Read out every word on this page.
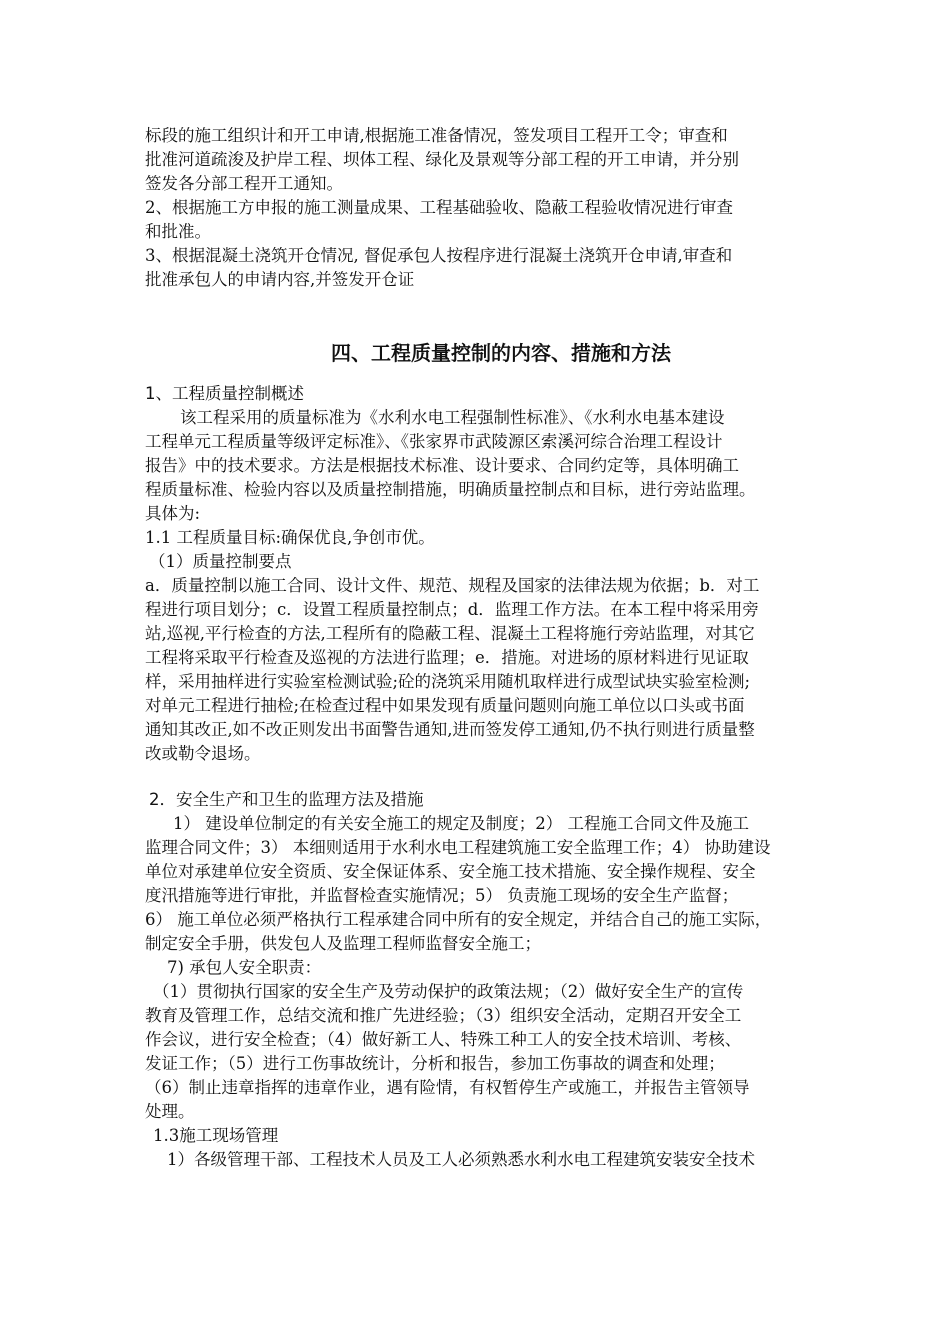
标段的施工组织计和开工申请,根据施工准备情况，签发项目工程开工令；审查和
批准河道疏浚及护岸工程、坝体工程、绿化及景观等分部工程的开工申请，并分别
签发各分部工程开工通知。
2、根据施工方申报的施工测量成果、工程基础验收、隐蔽工程验收情况进行审查
和批准。
3、根据混凝土浇筑开仓情况, 督促承包人按程序进行混凝土浇筑开仓申请,审查和
批准承包人的申请内容,并签发开仓证
四、工程质量控制的内容、措施和方法
1、工程质量控制概述
该工程采用的质量标准为《水利水电工程强制性标准》、《水利水电基本建设
工程单元工程质量等级评定标准》、《张家界市武陵源区索溪河综合治理工程设计
报告》中的技术要求。方法是根据技术标准、设计要求、合同约定等，具体明确工
程质量标准、检验内容以及质量控制措施，明确质量控制点和目标，进行旁站监理。
具体为:
1.1 工程质量目标:确保优良,争创市优。
（1）质量控制要点
a．质量控制以施工合同、设计文件、规范、规程及国家的法律法规为依据；b．对工
程进行项目划分；c．设置工程质量控制点；d．监理工作方法。在本工程中将采用旁
站,巡视,平行检查的方法,工程所有的隐蔽工程、混凝土工程将施行旁站监理，对其它
工程将采取平行检查及巡视的方法进行监理；e．措施。对进场的原材料进行见证取
样，采用抽样进行实验室检测试验;砼的浇筑采用随机取样进行成型试块实验室检测;
对单元工程进行抽检;在检查过程中如果发现有质量问题则向施工单位以口头或书面
通知其改正,如不改正则发出书面警告通知,进而签发停工通知,仍不执行则进行质量整
改或勒令退场。
2．安全生产和卫生的监理方法及措施
1） 建设单位制定的有关安全施工的规定及制度；2） 工程施工合同文件及施工
监理合同文件；3） 本细则适用于水利水电工程建筑施工安全监理工作；4） 协助建设
单位对承建单位安全资质、安全保证体系、安全施工技术措施、安全操作规程、安全
度汛措施等进行审批，并监督检查实施情况；5） 负责施工现场的安全生产监督；
6） 施工单位必须严格执行工程承建合同中所有的安全规定，并结合自己的施工实际，
制定安全手册，供发包人及监理工程师监督安全施工；
7) 承包人安全职责：
（1）贯彻执行国家的安全生产及劳动保护的政策法规；（2）做好安全生产的宣传
教育及管理工作，总结交流和推广先进经验；（3）组织安全活动，定期召开安全工
作会议，进行安全检查；（4）做好新工人、特殊工种工人的安全技术培训、考核、
发证工作；（5）进行工伤事故统计，分析和报告，参加工伤事故的调查和处理；
（6）制止违章指挥的违章作业，遇有险情，有权暂停生产或施工，并报告主管领导
处理。
1.3施工现场管理
1）各级管理干部、工程技术人员及工人必须熟悉水利水电工程建筑安装安全技术
